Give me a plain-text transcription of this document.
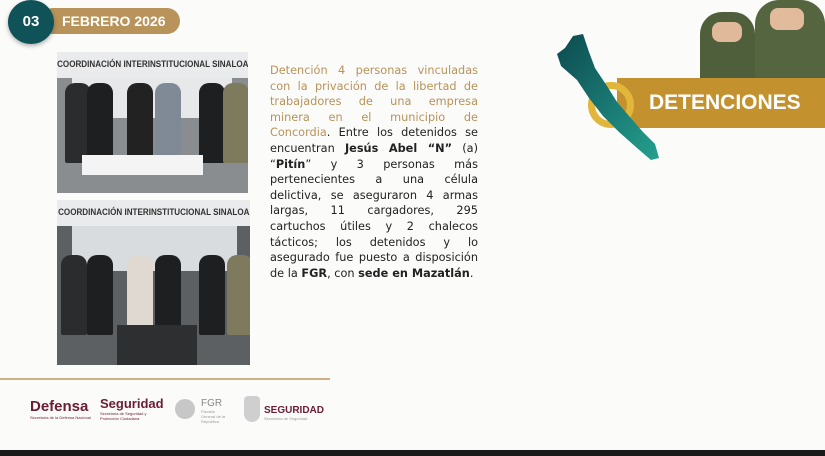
FEBRERO 2026
03
COORDINACIÓN INTERINSTITUCIONAL SINALOA
COORDINACIÓN INTERINSTITUCIONAL SINALOA
Detención 4 personas vinculadas con la privación de la libertad de trabajadores de una empresa minera en el municipio de Concordia. Entre los detenidos se encuentran Jesús Abel “N” (a) “Pitín” y 3 personas más pertenecientes a una célula delictiva, se aseguraron 4 armas largas, 11 cargadores, 295 cartuchos útiles y 2 chalecos tácticos; los detenidos y lo asegurado fue puesto a disposición de la FGR, con sede en Mazatlán.
DETENCIONES
Defensa
Secretaría de la Defensa Nacional
Seguridad
Secretaría de Seguridad y Protección Ciudadana
FGR
Fiscalía General de la República
SEGURIDAD
Secretaría de Seguridad
